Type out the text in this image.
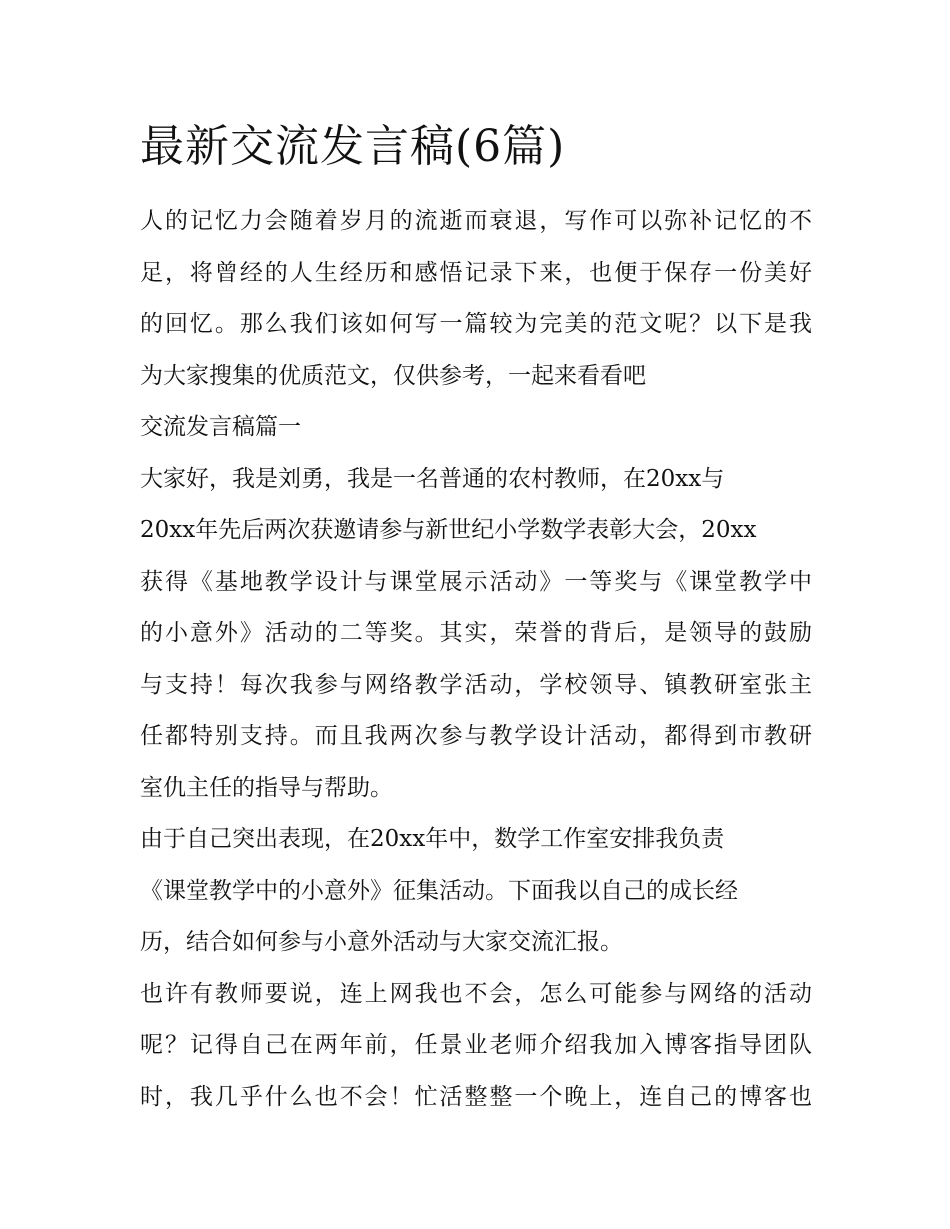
最新交流发言稿(6篇)
人的记忆力会随着岁月的流逝而衰退，写作可以弥补记忆的不
足，将曾经的人生经历和感悟记录下来，也便于保存一份美好
的回忆。那么我们该如何写一篇较为完美的范文呢？以下是我
为大家搜集的优质范文，仅供参考，一起来看看吧
交流发言稿篇一
大家好，我是刘勇，我是一名普通的农村教师，在20xx与
20xx年先后两次获邀请参与新世纪小学数学表彰大会，20xx
获得《基地教学设计与课堂展示活动》一等奖与《课堂教学中
的小意外》活动的二等奖。其实，荣誉的背后，是领导的鼓励
与支持！每次我参与网络教学活动，学校领导、镇教研室张主
任都特别支持。而且我两次参与教学设计活动，都得到市教研
室仇主任的指导与帮助。
由于自己突出表现，在20xx年中，数学工作室安排我负责
《课堂教学中的小意外》征集活动。下面我以自己的成长经
历，结合如何参与小意外活动与大家交流汇报。
也许有教师要说，连上网我也不会，怎么可能参与网络的活动
呢？记得自己在两年前，任景业老师介绍我加入博客指导团队
时，我几乎什么也不会！忙活整整一个晚上，连自己的博客也
